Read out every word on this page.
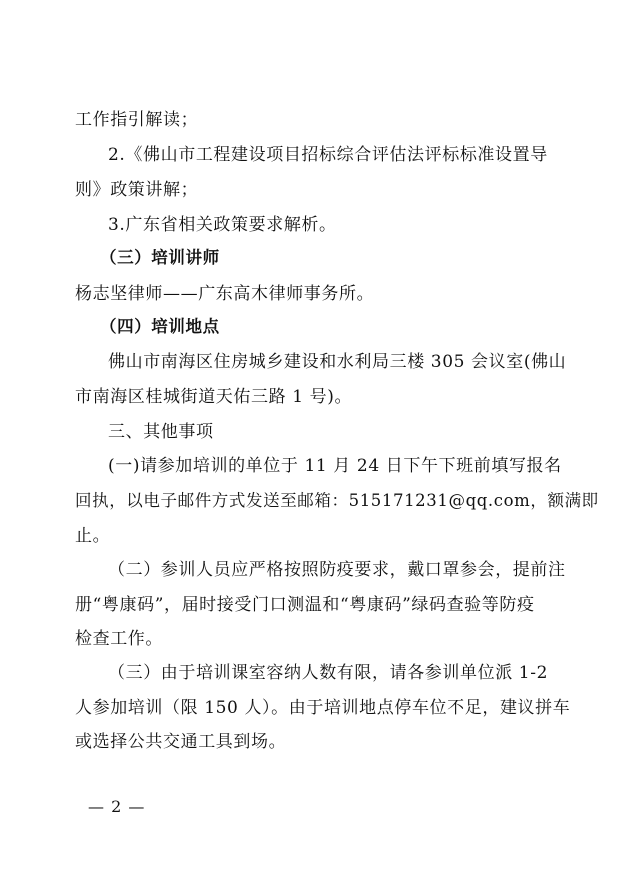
工作指引解读；
2.《佛山市工程建设项目招标综合评估法评标标准设置导
则》政策讲解；
3.广东省相关政策要求解析。
（三）培训讲师
杨志坚律师——广东高木律师事务所。
（四）培训地点
佛山市南海区住房城乡建设和水利局三楼 305 会议室(佛山
市南海区桂城街道天佑三路 1 号)。
三、其他事项
(一)请参加培训的单位于 11 月 24 日下午下班前填写报名
回执，以电子邮件方式发送至邮箱：515171231@qq.com，额满即
止。
（二）参训人员应严格按照防疫要求，戴口罩参会，提前注
册“粤康码”，届时接受门口测温和“粤康码”绿码查验等防疫
检查工作。
（三）由于培训课室容纳人数有限，请各参训单位派 1-2
人参加培训（限 150 人）。由于培训地点停车位不足，建议拼车
或选择公共交通工具到场。
— 2 —
